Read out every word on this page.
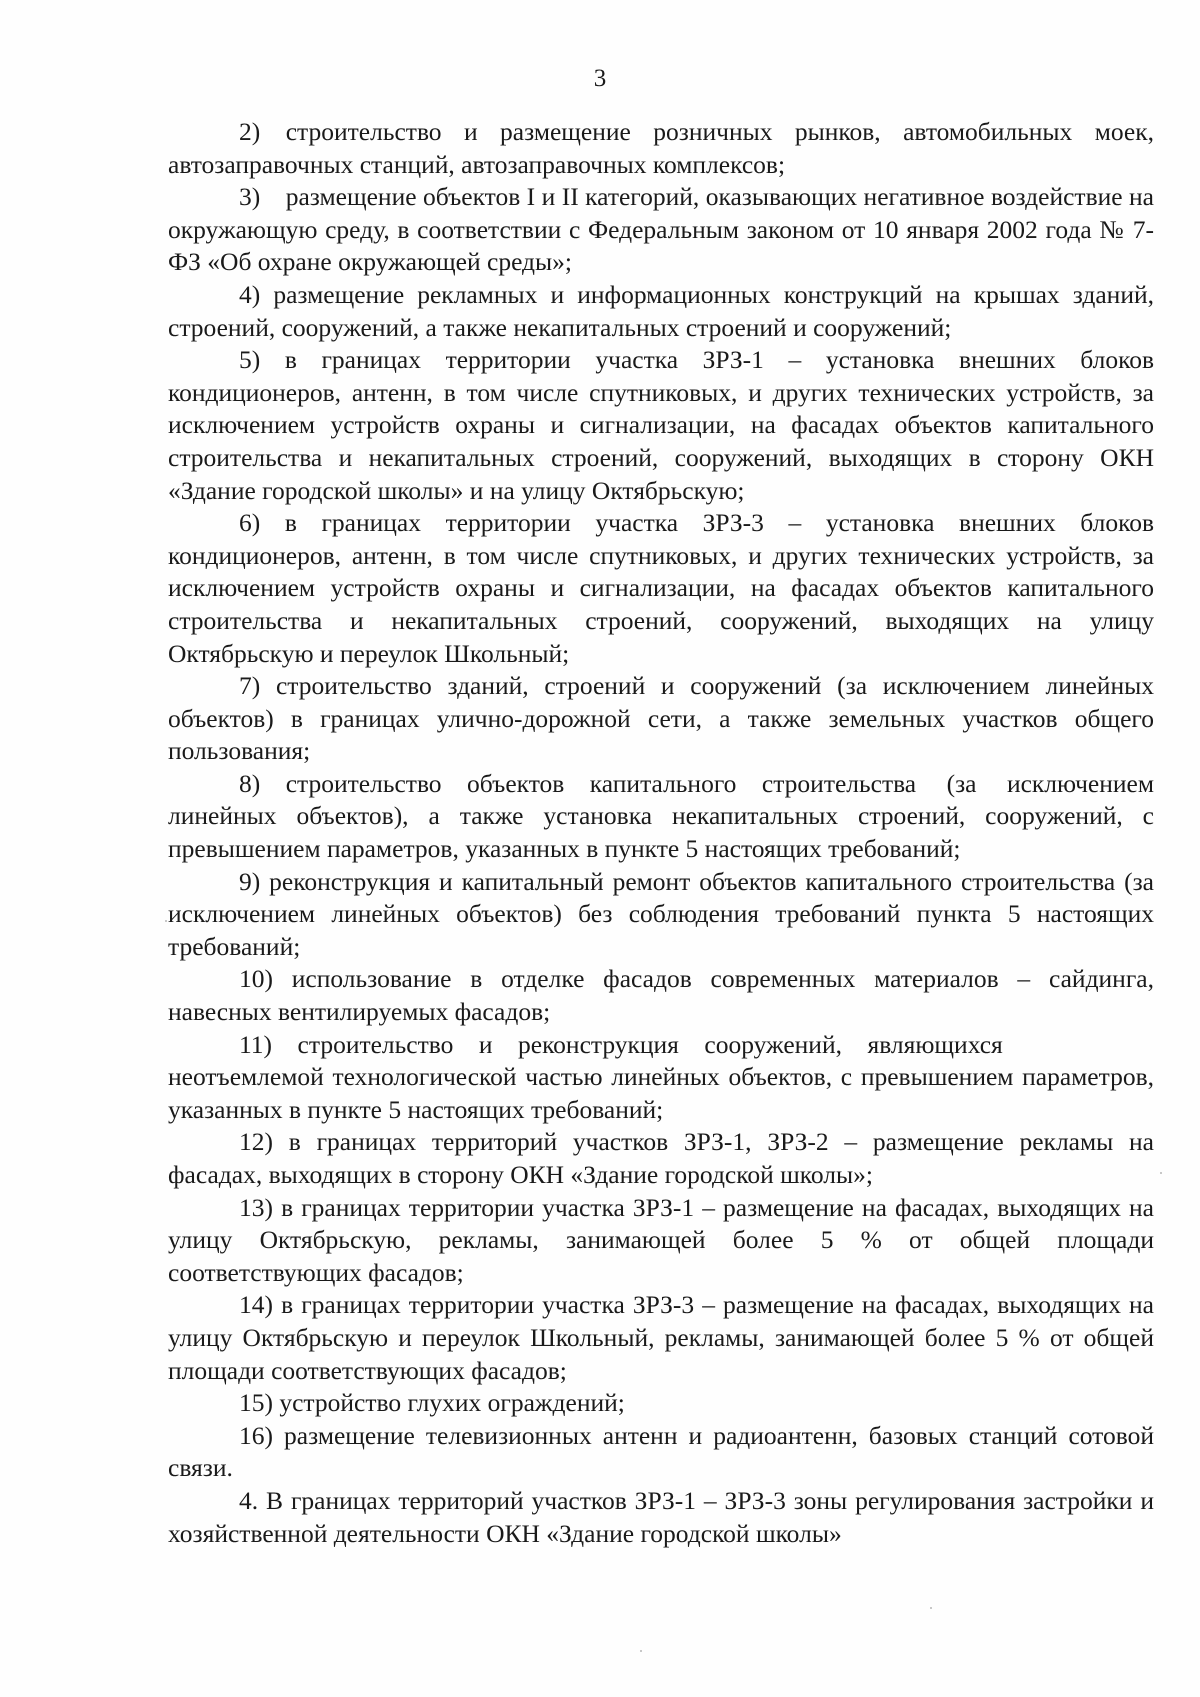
3

2) строительство и размещение розничных рынков, автомобильных моек, автозаправочных станций, автозаправочных комплексов;

3) размещение объектов I и II категорий, оказывающих негативное воздействие на окружающую среду, в соответствии с Федеральным законом от 10 января 2002 года № 7-ФЗ «Об охране окружающей среды»;

4) размещение рекламных и информационных конструкций на крышах зданий, строений, сооружений, а также некапитальных строений и сооружений;

5) в границах территории участка ЗРЗ-1 – установка внешних блоков кондиционеров, антенн, в том числе спутниковых, и других технических устройств, за исключением устройств охраны и сигнализации, на фасадах объектов капитального строительства и некапитальных строений, сооружений, выходящих в сторону ОКН «Здание городской школы» и на улицу Октябрьскую;

6) в границах территории участка ЗРЗ-3 – установка внешних блоков кондиционеров, антенн, в том числе спутниковых, и других технических устройств, за исключением устройств охраны и сигнализации, на фасадах объектов капитального строительства и некапитальных строений, сооружений, выходящих на улицу Октябрьскую и переулок Школьный;

7) строительство зданий, строений и сооружений (за исключением линейных объектов) в границах улично-дорожной сети, а также земельных участков общего пользования;

8) строительство объектов капитального строительства (за исключением линейных объектов), а также установка некапитальных строений, сооружений, с превышением параметров, указанных в пункте 5 настоящих требований;

9) реконструкция и капитальный ремонт объектов капитального строительства (за исключением линейных объектов) без соблюдения требований пункта 5 настоящих требований;

10) использование в отделке фасадов современных материалов – сайдинга, навесных вентилируемых фасадов;

11) строительство и реконструкция сооружений, являющихся неотъемлемой технологической частью линейных объектов, с превышением параметров, указанных в пункте 5 настоящих требований;

12) в границах территорий участков ЗРЗ-1, ЗРЗ-2 – размещение рекламы на фасадах, выходящих в сторону ОКН «Здание городской школы»;

13) в границах территории участка ЗРЗ-1 – размещение на фасадах, выходящих на улицу Октябрьскую, рекламы, занимающей более 5 % от общей площади соответствующих фасадов;

14) в границах территории участка ЗРЗ-3 – размещение на фасадах, выходящих на улицу Октябрьскую и переулок Школьный, рекламы, занимающей более 5 % от общей площади соответствующих фасадов;

15) устройство глухих ограждений;

16) размещение телевизионных антенн и радиоантенн, базовых станций сотовой связи.

4. В границах территорий участков ЗРЗ-1 – ЗРЗ-3 зоны регулирования застройки и хозяйственной деятельности ОКН «Здание городской школы»
